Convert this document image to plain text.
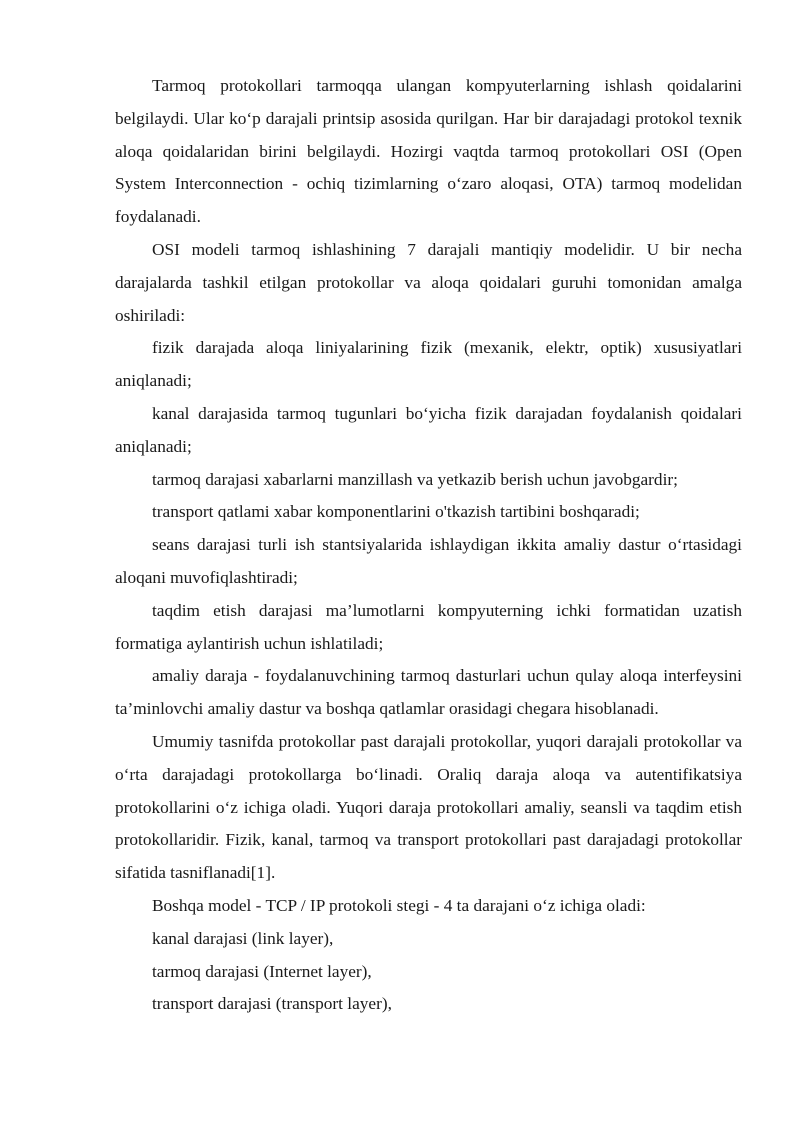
Tarmoq protokollari tarmoqqa ulangan kompyuterlarning ishlash qoidalarini belgilaydi. Ular koʻp darajali printsip asosida qurilgan. Har bir darajadagi protokol texnik aloqa qoidalaridan birini belgilaydi. Hozirgi vaqtda tarmoq protokollari OSI (Open System Interconnection - ochiq tizimlarning oʻzaro aloqasi, OTA) tarmoq modelidan foydalanadi.

OSI modeli tarmoq ishlashining 7 darajali mantiqiy modelidir. U bir necha darajalarda tashkil etilgan protokollar va aloqa qoidalari guruhi tomonidan amalga oshiriladi:

fizik darajada aloqa liniyalarining fizik (mexanik, elektr, optik) xususiyatlari aniqlanadi;

kanal darajasida tarmoq tugunlari boʻyicha fizik darajadan foydalanish qoidalari aniqlanadi;

tarmoq darajasi xabarlarni manzillash va yetkazib berish uchun javobgardir;

transport qatlami xabar komponentlarini o'tkazish tartibini boshqaradi;

seans darajasi turli ish stantsiyalarida ishlaydigan ikkita amaliy dastur oʻrtasidagi aloqani muvofiqlashtiradi;

taqdim etish darajasi ma’lumotlarni kompyuterning ichki formatidan uzatish formatiga aylantirish uchun ishlatiladi;

amaliy daraja - foydalanuvchining tarmoq dasturlari uchun qulay aloqa interfeysini ta’minlovchi amaliy dastur va boshqa qatlamlar orasidagi chegara hisoblanadi.

Umumiy tasnifda protokollar past darajali protokollar, yuqori darajali protokollar va oʻrta darajadagi protokollarga boʻlinadi. Oraliq daraja aloqa va autentifikatsiya protokollarini oʻz ichiga oladi. Yuqori daraja protokollari amaliy, seansli va taqdim etish protokollaridir. Fizik, kanal, tarmoq va transport protokollari past darajadagi protokollar sifatida tasniflanadi[1].

Boshqa model - TCP / IP protokoli stegi - 4 ta darajani oʻz ichiga oladi:

kanal darajasi (link layer),

tarmoq darajasi (Internet layer),

transport darajasi (transport layer),
